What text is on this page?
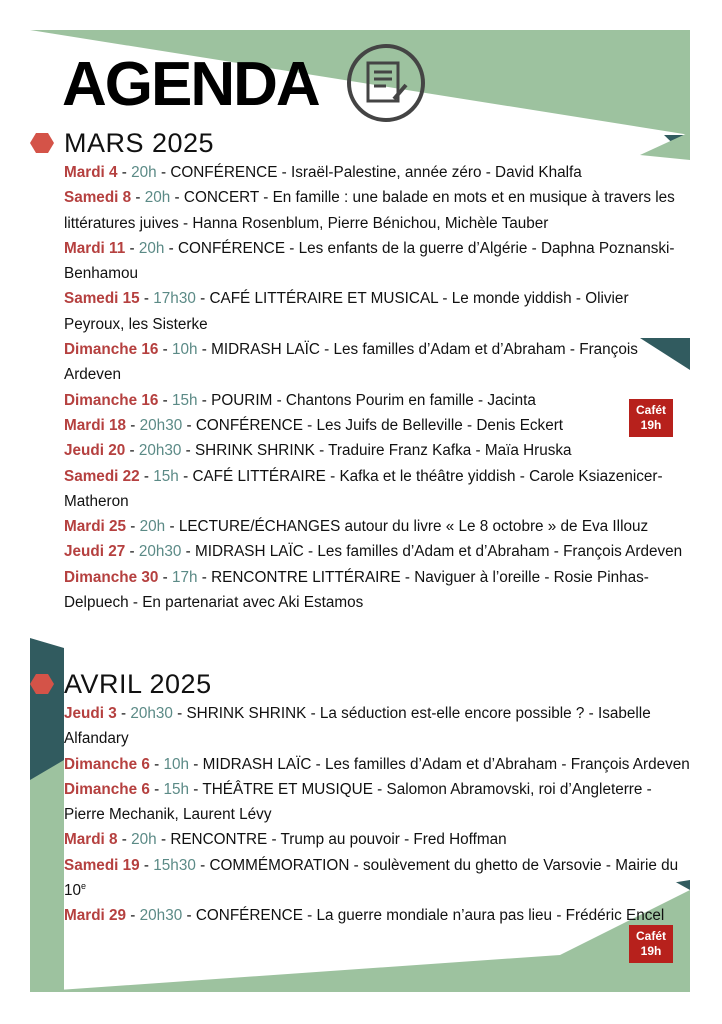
AGENDA
MARS 2025
Mardi 4 - 20h - CONFÉRENCE - Israël-Palestine, année zéro - David Khalfa
Samedi 8 - 20h - CONCERT - En famille : une balade en mots et en musique à travers les littératures juives - Hanna Rosenblum, Pierre Bénichou, Michèle Tauber
Mardi 11 - 20h - CONFÉRENCE - Les enfants de la guerre d’Algérie - Daphna Poznanski-Benhamou
Samedi 15 - 17h30 - CAFÉ LITTÉRAIRE ET MUSICAL - Le monde yiddish - Olivier Peyroux, les Sisterke
Dimanche 16 - 10h - MIDRASH LAÏC - Les familles d’Adam et d’Abraham - François Ardeven
Dimanche 16 - 15h - POURIM - Chantons Pourim en famille - Jacinta
Mardi 18 - 20h30 - CONFÉRENCE - Les Juifs de Belleville - Denis Eckert
Jeudi 20 - 20h30 - SHRINK SHRINK - Traduire Franz Kafka - Maïa Hruska
Samedi 22 - 15h - CAFÉ LITTÉRAIRE - Kafka et le théâtre yiddish - Carole Ksiazenicer-Matheron
Mardi 25 - 20h - LECTURE/ÉCHANGES autour du livre « Le 8 octobre » de Eva Illouz
Jeudi 27 - 20h30 - MIDRASH LAÏC - Les familles d’Adam et d’Abraham - François Ardeven
Dimanche 30 - 17h - RENCONTRE LITTÉRAIRE - Naviguer à l’oreille - Rosie Pinhas-Delpuech - En partenariat avec Aki Estamos
Cafét
19h
AVRIL 2025
Jeudi 3 - 20h30 - SHRINK SHRINK - La séduction est-elle encore possible ? - Isabelle Alfandary
Dimanche 6 - 10h - MIDRASH LAÏC - Les familles d’Adam et d’Abraham - François Ardeven
Dimanche 6 - 15h - THÉÂTRE ET MUSIQUE - Salomon Abramovski, roi d’Angleterre - Pierre Mechanik, Laurent Lévy
Mardi 8 - 20h - RENCONTRE - Trump au pouvoir - Fred Hoffman
Samedi 19 - 15h30 - COMMÉMORATION - soulèvement du ghetto de Varsovie - Mairie du 10e
Mardi 29 - 20h30 - CONFÉRENCE - La guerre mondiale n’aura pas lieu - Frédéric Encel
Cafét
19h
